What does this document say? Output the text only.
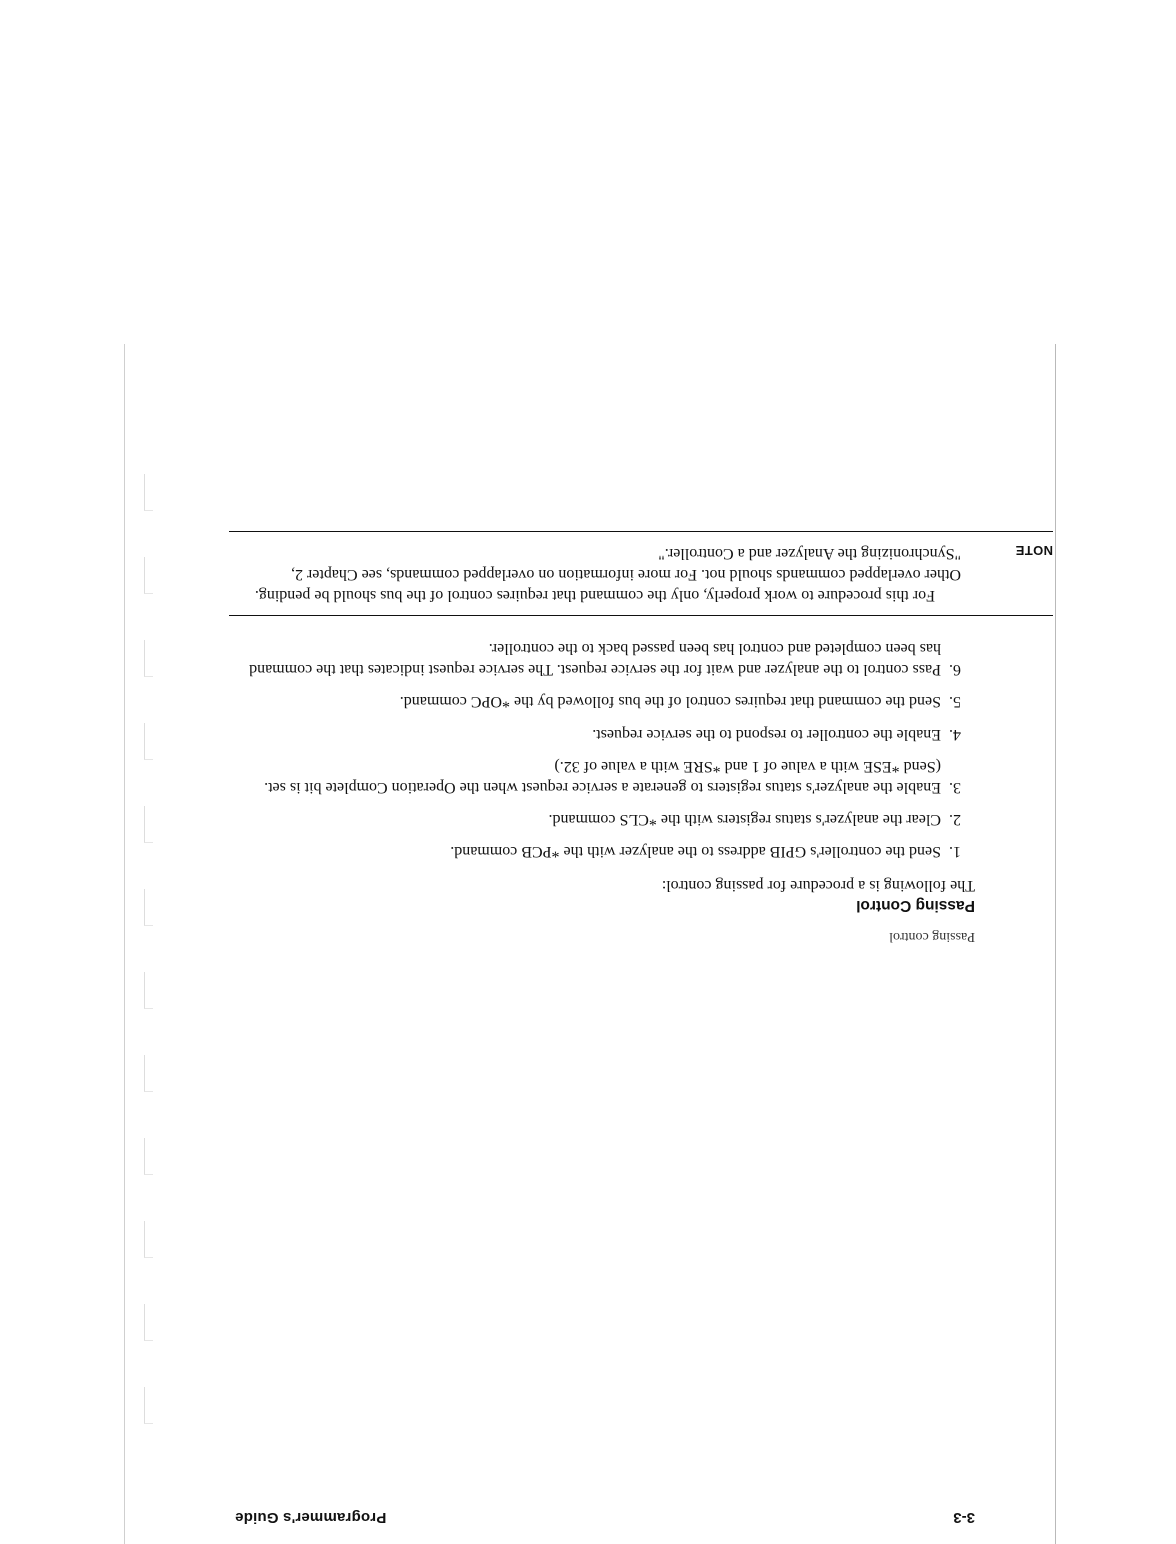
3-3
Programmer's Guide
Passing control
Passing Control

The following is a procedure for passing control:

1.
Send the controller's GPIB address to the analyzer with the *PCB command.
2.
Clear the analyzer's status registers with the *CLS command.
3.
Enable the analyzer's status registers to generate a service request when the Operation Complete bit is set. (Send *ESE with a value of 1 and *SRE with a value of 32.)
4.
Enable the controller to respond to the service request.
5.
Send the command that requires control of the bus followed by the *OPC command.
6.
Pass control to the analyzer and wait for the service request. The service request indicates that the command has been completed and control has been passed back to the controller.
NOTE
For this procedure to work properly, only the command that requires control of the bus should be pending. Other overlapped commands should not. For more information on overlapped commands, see Chapter 2, "Synchronizing the Analyzer and a Controller."
